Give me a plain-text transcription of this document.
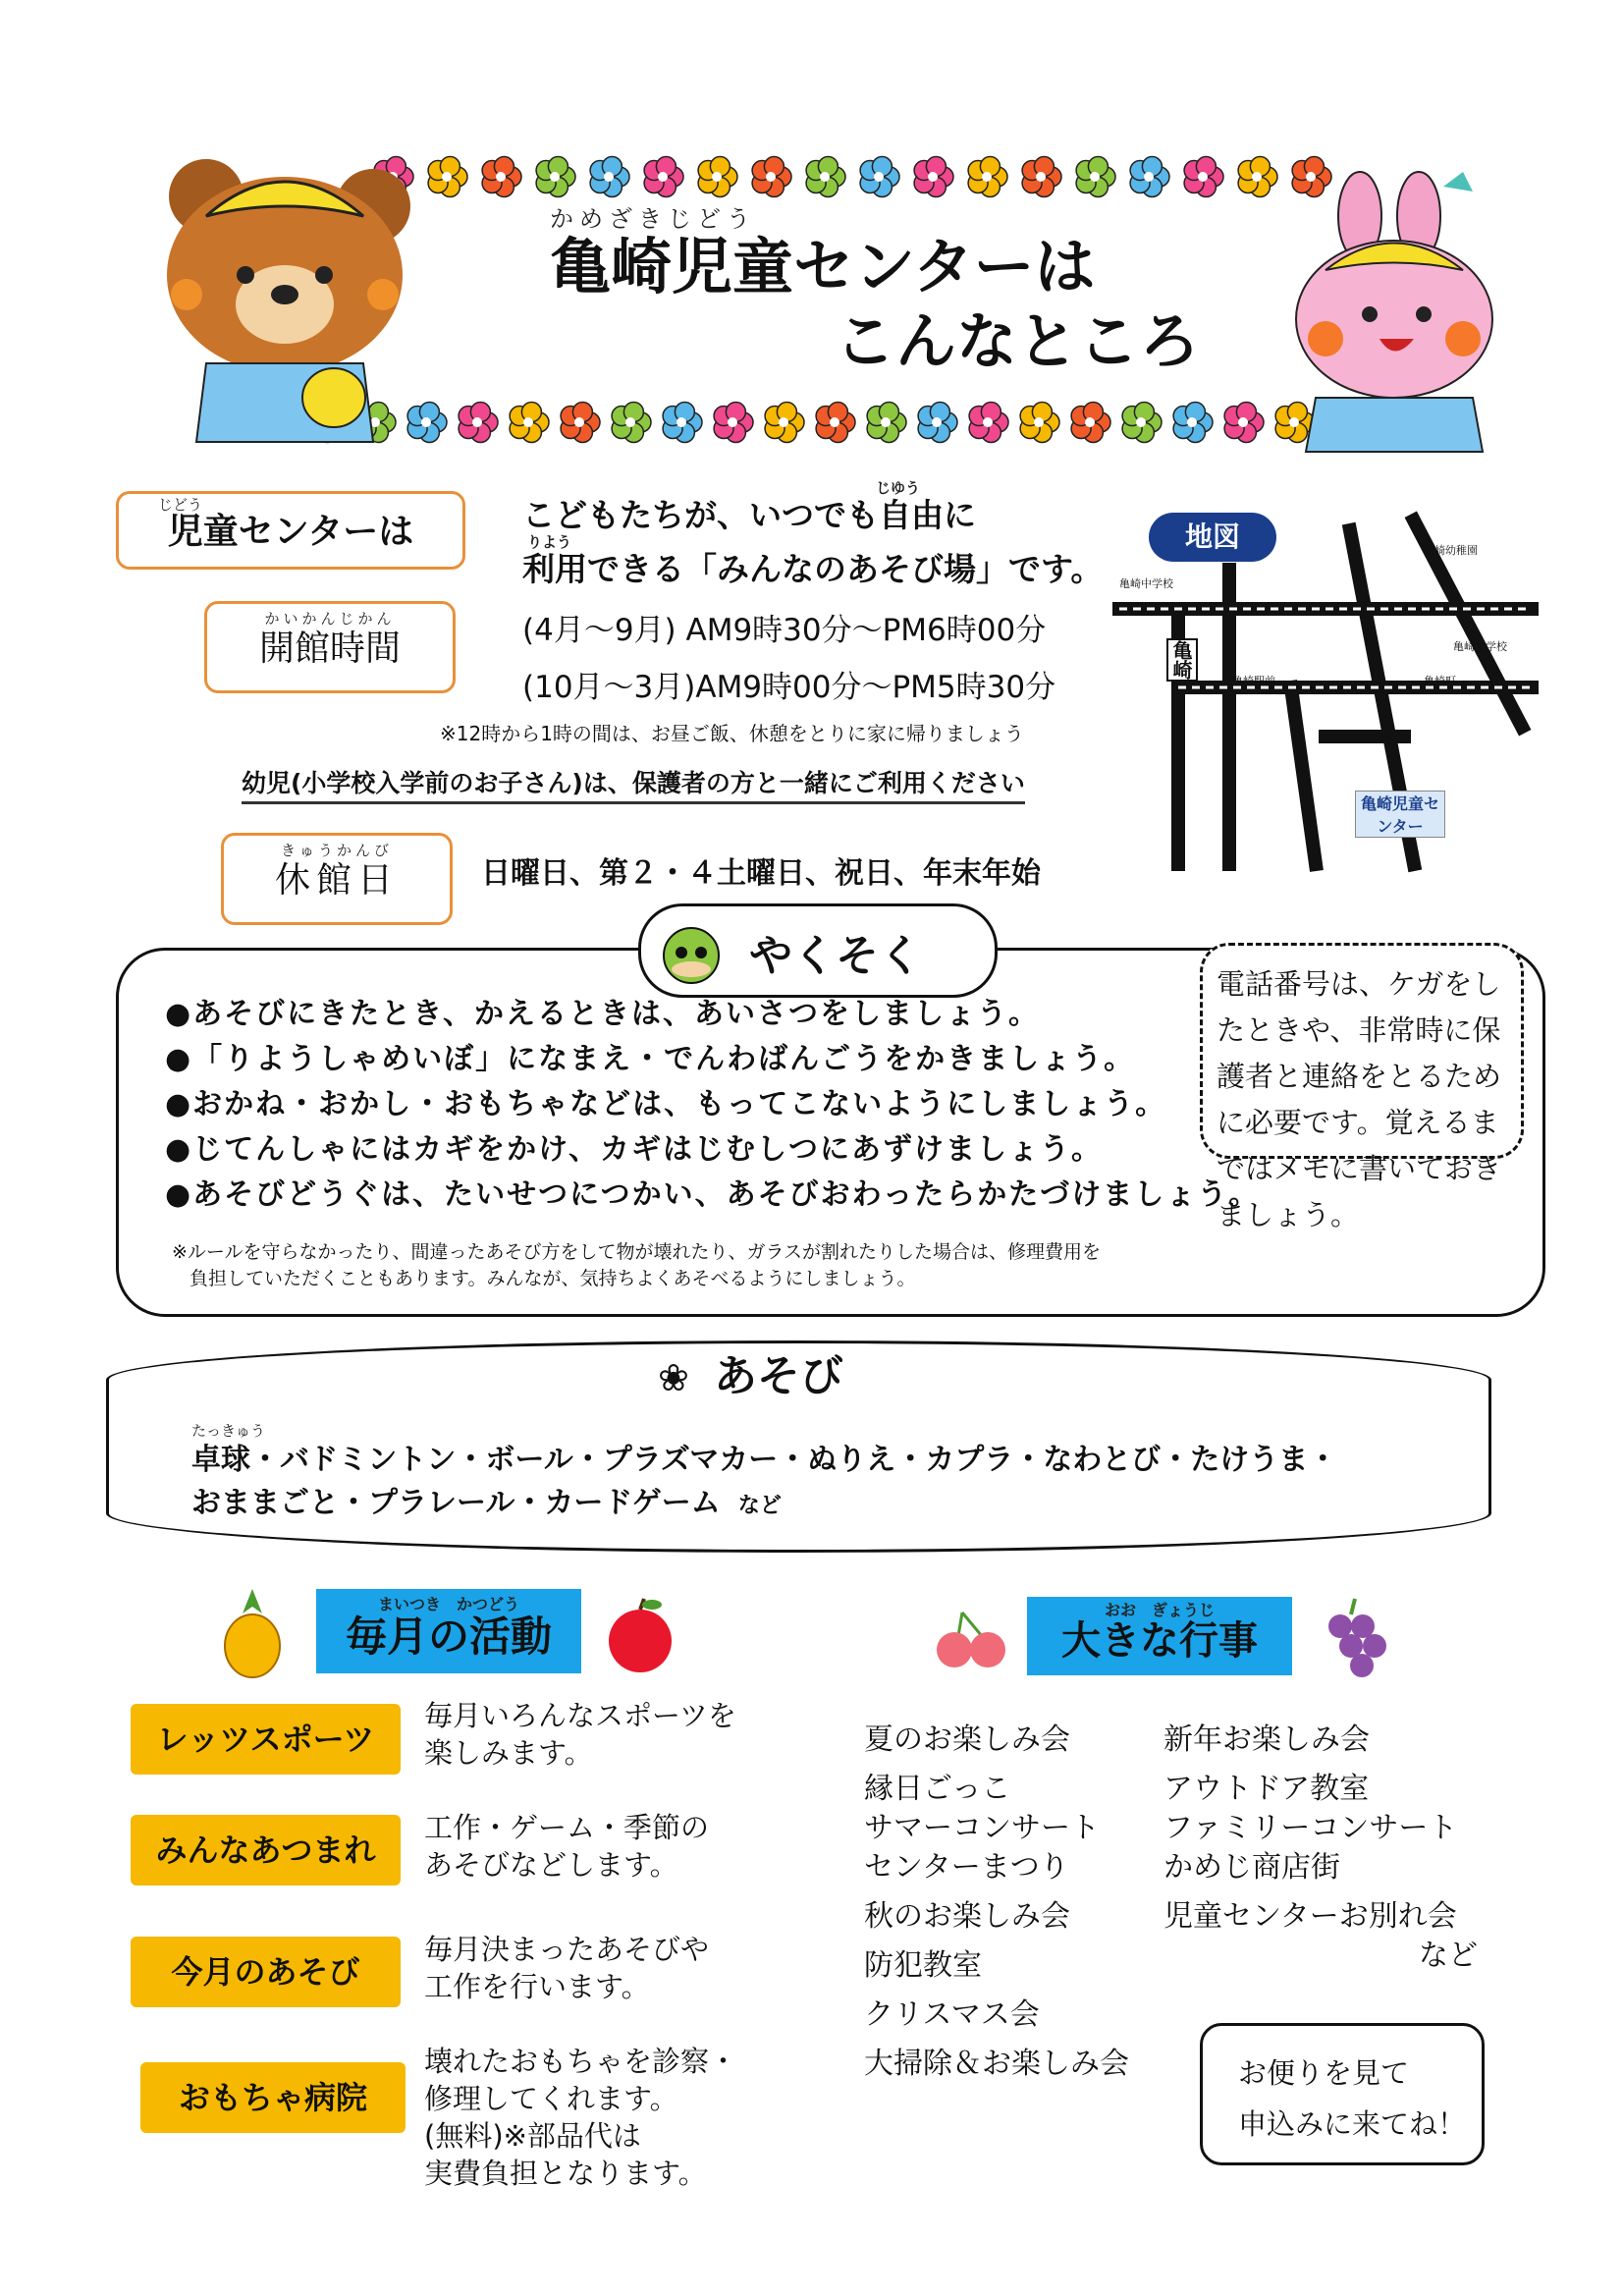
かめざきじどう
亀崎児童センターは
こんなところ
じどう
児童センターは
じゆう
こどもたちが、いつでも自由に
りよう
利用できる「みんなのあそび場」です。
かいかんじかん
開館時間	(4月～9月) AM9時30分～PM6時00分
(10月～3月)AM9時00分～PM5時30分
※12時から1時の間は、お昼ご飯、休憩をとりに家に帰りましょう
幼児(小学校入学前のお子さん)は、保護者の方と一緒にご利用ください
きゅうかんび
休館日	日曜日、第２・４土曜日、祝日、年末年始
地図	亀崎幼稚園
亀崎中学校
亀崎小学校
亀崎駅前	亀崎町
亀崎
亀崎児童センター
やくそく
●あそびにきたとき、かえるときは、あいさつをしましょう。
●「りようしゃめいぼ」になまえ・でんわばんごうをかきましょう。
●おかね・おかし・おもちゃなどは、もってこないようにしましょう。
●じてんしゃにはカギをかけ、カギはじむしつにあずけましょう。
●あそびどうぐは、たいせつにつかい、あそびおわったらかたづけましょう。
※ルールを守らなかったり、間違ったあそび方をして物が壊れたり、ガラスが割れたりした場合は、修理費用を
負担していただくこともあります。みんなが、気持ちよくあそべるようにしましょう。
電話番号は、ケガをしたときや、非常時に保護者と連絡をとるために必要です。覚えるまではメモに書いておきましょう。
❀ あそび
たっきゅう
卓球・バドミントン・ボール・プラズマカー・ぬりえ・カプラ・なわとび・たけうま・
おままごと・プラレール・カードゲーム など
まいつき　かつどう
毎月の活動
レッツスポーツ
毎月いろんなスポーツを
楽しみます。
みんなあつまれ
工作・ゲーム・季節の
あそびなどします。
今月のあそび
毎月決まったあそびや
工作を行います。
おもちゃ病院
壊れたおもちゃを診察・
修理してくれます。
(無料)※部品代は
実費負担となります。
おお　ぎょうじ
大きな行事
夏のお楽しみ会
縁日ごっこ
サマーコンサート
センターまつり
秋のお楽しみ会
防犯教室
クリスマス会
大掃除＆お楽しみ会
新年お楽しみ会
アウトドア教室
ファミリーコンサート
かめじ商店街
児童センターお別れ会
など
お便りを見て
申込みに来てね！
